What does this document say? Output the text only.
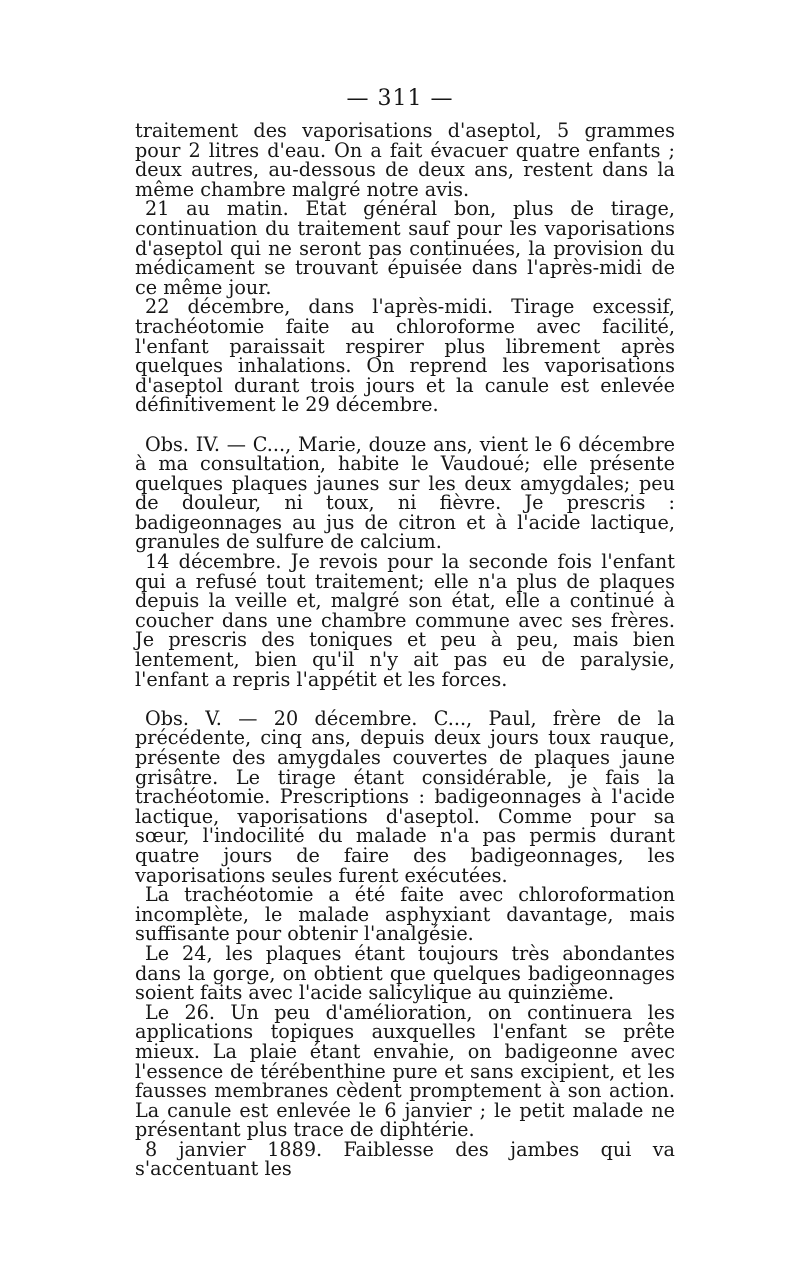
— 311 —

traitement des vaporisations d'aseptol, 5 grammes pour 2 litres d'eau. On a fait évacuer quatre enfants ; deux autres, au-dessous de deux ans, restent dans la même chambre malgré notre avis.

21 au matin. Etat général bon, plus de tirage, continuation du traitement sauf pour les vaporisations d'aseptol qui ne seront pas continuées, la provision du médicament se trouvant épuisée dans l'après-midi de ce même jour.

22 décembre, dans l'après-midi. Tirage excessif, trachéotomie faite au chloroforme avec facilité, l'enfant paraissait respirer plus librement après quelques inhalations. On reprend les vaporisations d'aseptol durant trois jours et la canule est enlevée définitivement le 29 décembre.

Obs. IV. — C..., Marie, douze ans, vient le 6 décembre à ma consultation, habite le Vaudoué; elle présente quelques plaques jaunes sur les deux amygdales; peu de douleur, ni toux, ni fièvre. Je prescris : badigeonnages au jus de citron et à l'acide lactique, granules de sulfure de calcium.

14 décembre. Je revois pour la seconde fois l'enfant qui a refusé tout traitement; elle n'a plus de plaques depuis la veille et, malgré son état, elle a continué à coucher dans une chambre commune avec ses frères. Je prescris des toniques et peu à peu, mais bien lentement, bien qu'il n'y ait pas eu de paralysie, l'enfant a repris l'appétit et les forces.

Obs. V. — 20 décembre. C..., Paul, frère de la précédente, cinq ans, depuis deux jours toux rauque, présente des amygdales couvertes de plaques jaune grisâtre. Le tirage étant considérable, je fais la trachéotomie. Prescriptions : badigeonnages à l'acide lactique, vaporisations d'aseptol. Comme pour sa sœur, l'indocilité du malade n'a pas permis durant quatre jours de faire des badigeonnages, les vaporisations seules furent exécutées.

La trachéotomie a été faite avec chloroformation incomplète, le malade asphyxiant davantage, mais suffisante pour obtenir l'analgésie.

Le 24, les plaques étant toujours très abondantes dans la gorge, on obtient que quelques badigeonnages soient faits avec l'acide salicylique au quinzième.

Le 26. Un peu d'amélioration, on continuera les applications topiques auxquelles l'enfant se prête mieux. La plaie étant envahie, on badigeonne avec l'essence de térébenthine pure et sans excipient, et les fausses membranes cèdent promptement à son action. La canule est enlevée le 6 janvier ; le petit malade ne présentant plus trace de diphtérie.

8 janvier 1889. Faiblesse des jambes qui va s'accentuant les
